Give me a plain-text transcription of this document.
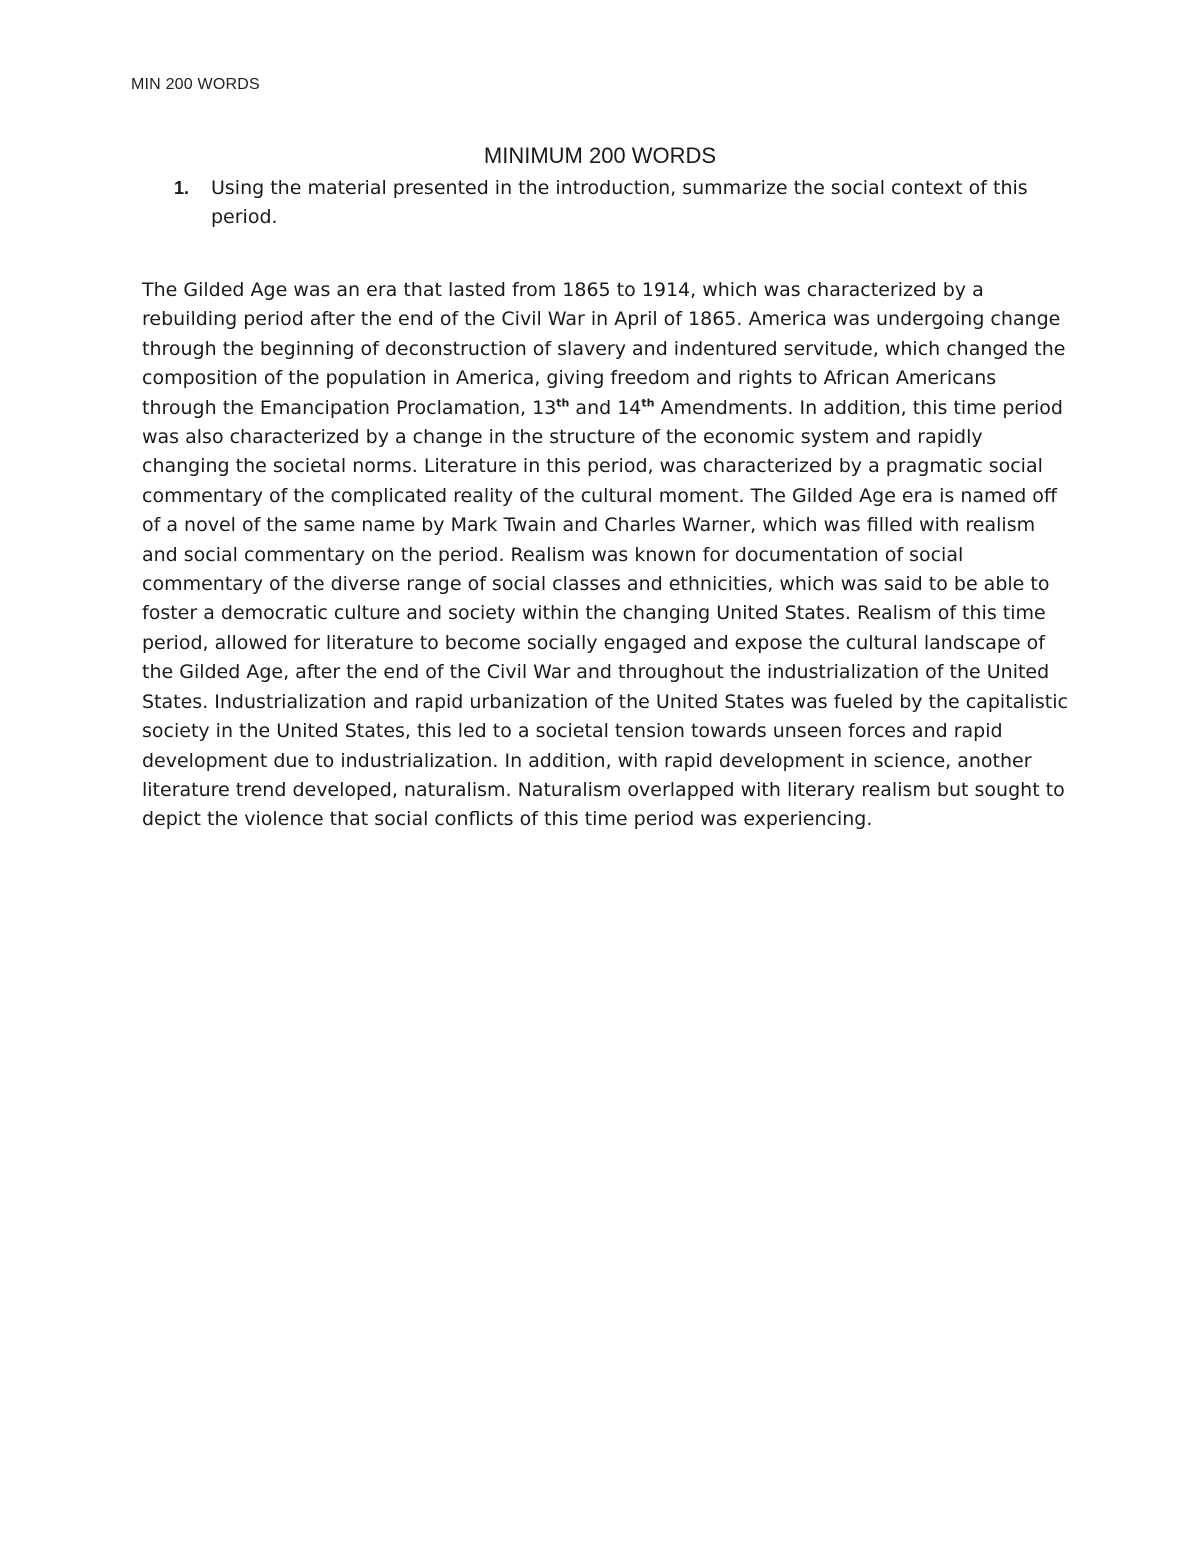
MIN 200 WORDS
MINIMUM 200 WORDS
1.	Using the material presented in the introduction, summarize the social context of this period.

The Gilded Age was an era that lasted from 1865 to 1914, which was characterized by a rebuilding period after the end of the Civil War in April of 1865. America was undergoing change through the beginning of deconstruction of slavery and indentured servitude, which changed the composition of the population in America, giving freedom and rights to African Americans through the Emancipation Proclamation, 13th and 14th Amendments. In addition, this time period was also characterized by a change in the structure of the economic system and rapidly changing the societal norms. Literature in this period, was characterized by a pragmatic social commentary of the complicated reality of the cultural moment. The Gilded Age era is named off of a novel of the same name by Mark Twain and Charles Warner, which was filled with realism and social commentary on the period. Realism was known for documentation of social commentary of the diverse range of social classes and ethnicities, which was said to be able to foster a democratic culture and society within the changing United States. Realism of this time period, allowed for literature to become socially engaged and expose the cultural landscape of the Gilded Age, after the end of the Civil War and throughout the industrialization of the United States. Industrialization and rapid urbanization of the United States was fueled by the capitalistic society in the United States, this led to a societal tension towards unseen forces and rapid development due to industrialization. In addition, with rapid development in science, another literature trend developed, naturalism. Naturalism overlapped with literary realism but sought to depict the violence that social conflicts of this time period was experiencing.
